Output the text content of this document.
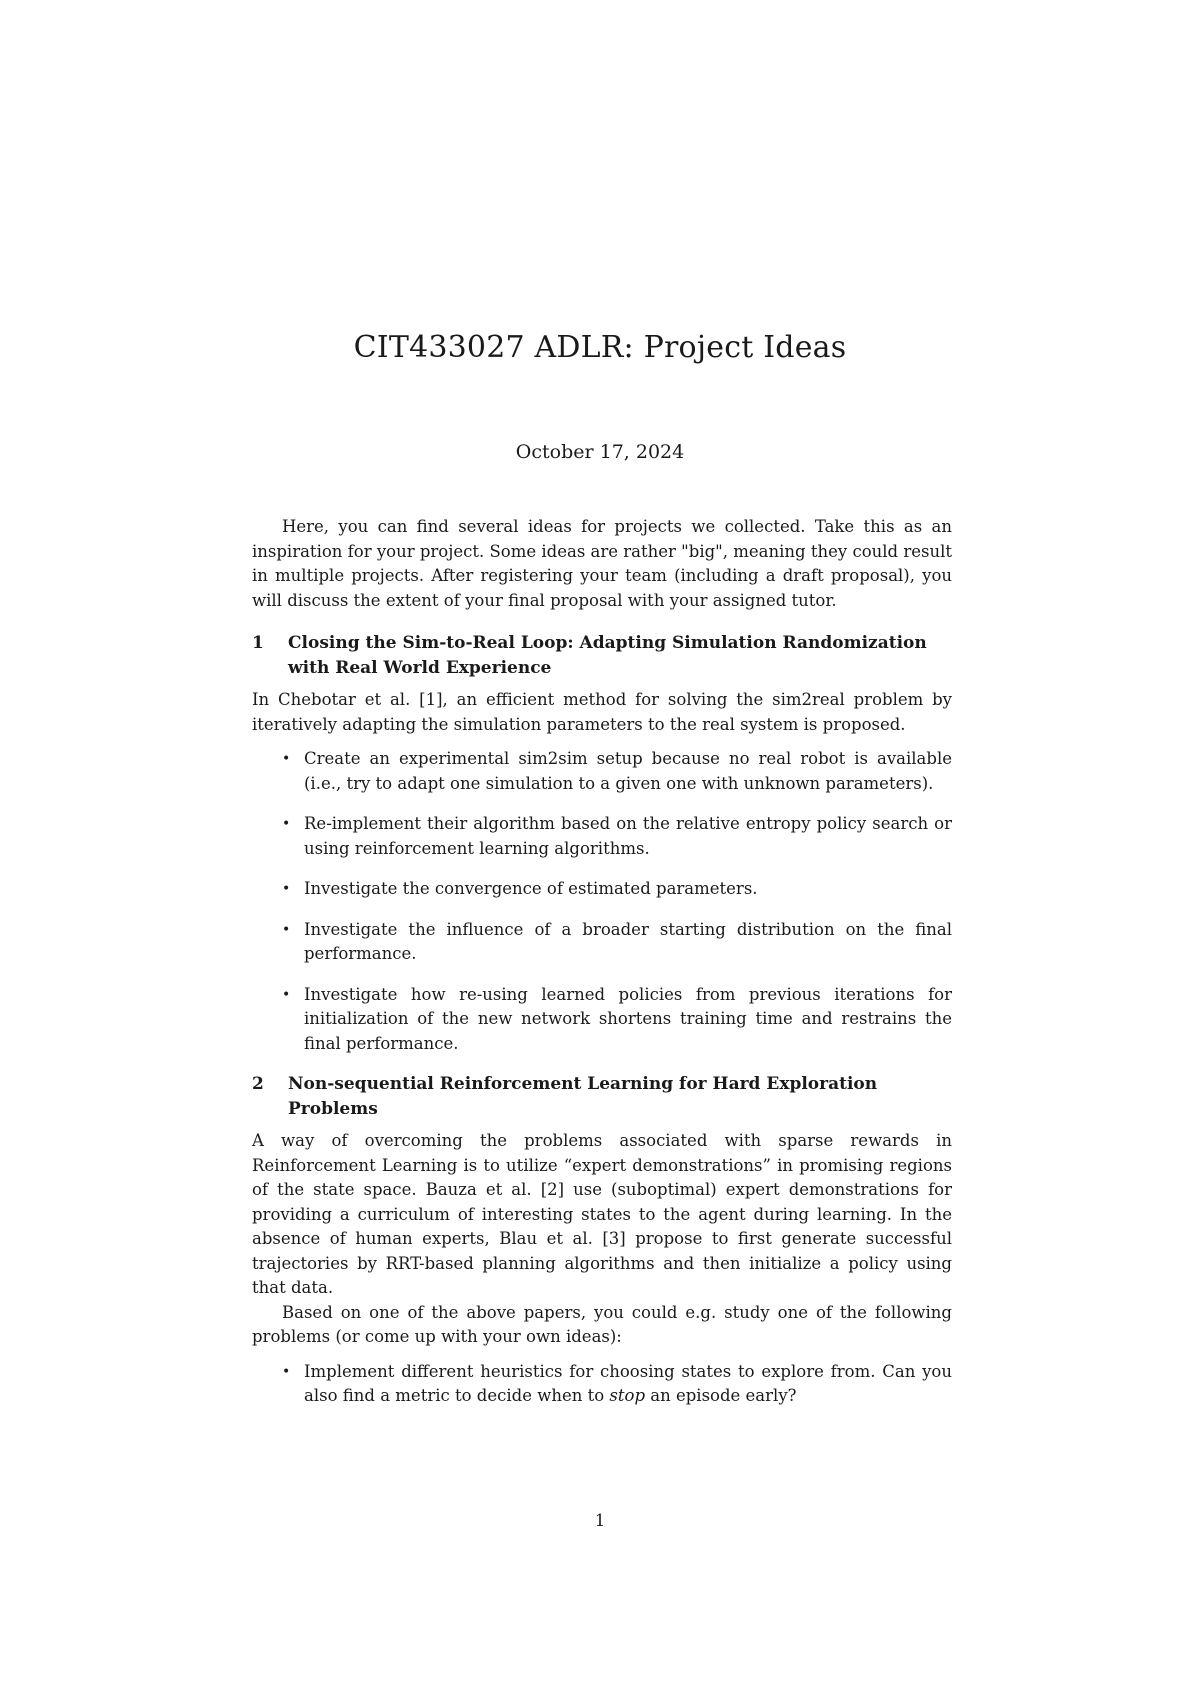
CIT433027 ADLR: Project Ideas
October 17, 2024

Here, you can find several ideas for projects we collected. Take this as an inspiration for your project. Some ideas are rather "big", meaning they could result in multiple projects. After registering your team (including a draft proposal), you will discuss the extent of your final proposal with your assigned tutor.

1	Closing the Sim-to-Real Loop: Adapting Simulation Randomization with Real World Experience

In Chebotar et al. [1], an efficient method for solving the sim2real problem by iteratively adapting the simulation parameters to the real system is proposed.

• Create an experimental sim2sim setup because no real robot is available (i.e., try to adapt one simulation to a given one with unknown parameters).
• Re-implement their algorithm based on the relative entropy policy search or using reinforcement learning algorithms.
• Investigate the convergence of estimated parameters.
• Investigate the influence of a broader starting distribution on the final performance.
• Investigate how re-using learned policies from previous iterations for initialization of the new network shortens training time and restrains the final performance.
2	Non-sequential Reinforcement Learning for Hard Exploration Problems

A way of overcoming the problems associated with sparse rewards in Reinforcement Learning is to utilize “expert demonstrations” in promising regions of the state space. Bauza et al. [2] use (suboptimal) expert demonstrations for providing a curriculum of interesting states to the agent during learning. In the absence of human experts, Blau et al. [3] propose to first generate successful trajectories by RRT-based planning algorithms and then initialize a policy using that data.

Based on one of the above papers, you could e.g. study one of the following problems (or come up with your own ideas):

• Implement different heuristics for choosing states to explore from. Can you also find a metric to decide when to stop an episode early?
1
